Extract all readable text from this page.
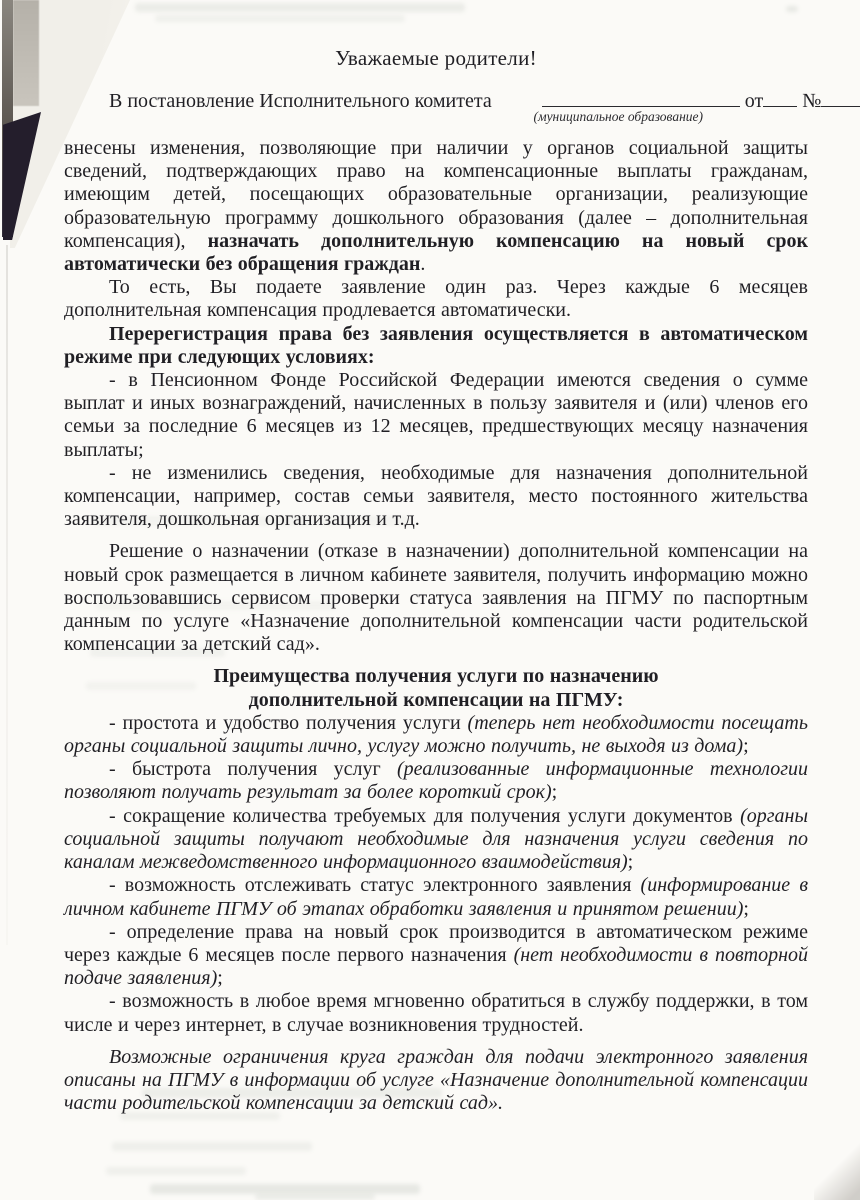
Уважаемые родители!

В постановление Исполнительного комитета
(муниципальное образование)
от №

внесены изменения, позволяющие при наличии у органов социальной защиты сведений, подтверждающих право на компенсационные выплаты гражданам, имеющим детей, посещающих образовательные организации, реализующие образовательную программу дошкольного образования (далее – дополнительная компенсация), назначать дополнительную компенсацию на новый срок автоматически без обращения граждан.

То есть, Вы подаете заявление один раз. Через каждые 6 месяцев дополнительная компенсация продлевается автоматически.

Перерегистрация права без заявления осуществляется в автоматическом режиме при следующих условиях:

- в Пенсионном Фонде Российской Федерации имеются сведения о сумме выплат и иных вознаграждений, начисленных в пользу заявителя и (или) членов его семьи за последние 6 месяцев из 12 месяцев, предшествующих месяцу назначения выплаты;

- не изменились сведения, необходимые для назначения дополнительной компенсации, например, состав семьи заявителя, место постоянного жительства заявителя, дошкольная организация и т.д.

Решение о назначении (отказе в назначении) дополнительной компенсации на новый срок размещается в личном кабинете заявителя, получить информацию можно воспользовавшись сервисом проверки статуса заявления на ПГМУ по паспортным данным по услуге «Назначение дополнительной компенсации части родительской компенсации за детский сад».

Преимущества получения услуги по назначению

дополнительной компенсации на ПГМУ:

- простота и удобство получения услуги (теперь нет необходимости посещать органы социальной защиты лично, услугу можно получить, не выходя из дома);

- быстрота получения услуг (реализованные информационные технологии позволяют получать результат за более короткий срок);

- сокращение количества требуемых для получения услуги документов (органы социальной защиты получают необходимые для назначения услуги сведения по каналам межведомственного информационного взаимодействия);

- возможность отслеживать статус электронного заявления (информирование в личном кабинете ПГМУ об этапах обработки заявления и принятом решении);

- определение права на новый срок производится в автоматическом режиме через каждые 6 месяцев после первого назначения (нет необходимости в повторной подаче заявления);

- возможность в любое время мгновенно обратиться в службу поддержки, в том числе и через интернет, в случае возникновения трудностей.

Возможные ограничения круга граждан для подачи электронного заявления описаны на ПГМУ в информации об услуге «Назначение дополнительной компенсации части родительской компенсации за детский сад».
